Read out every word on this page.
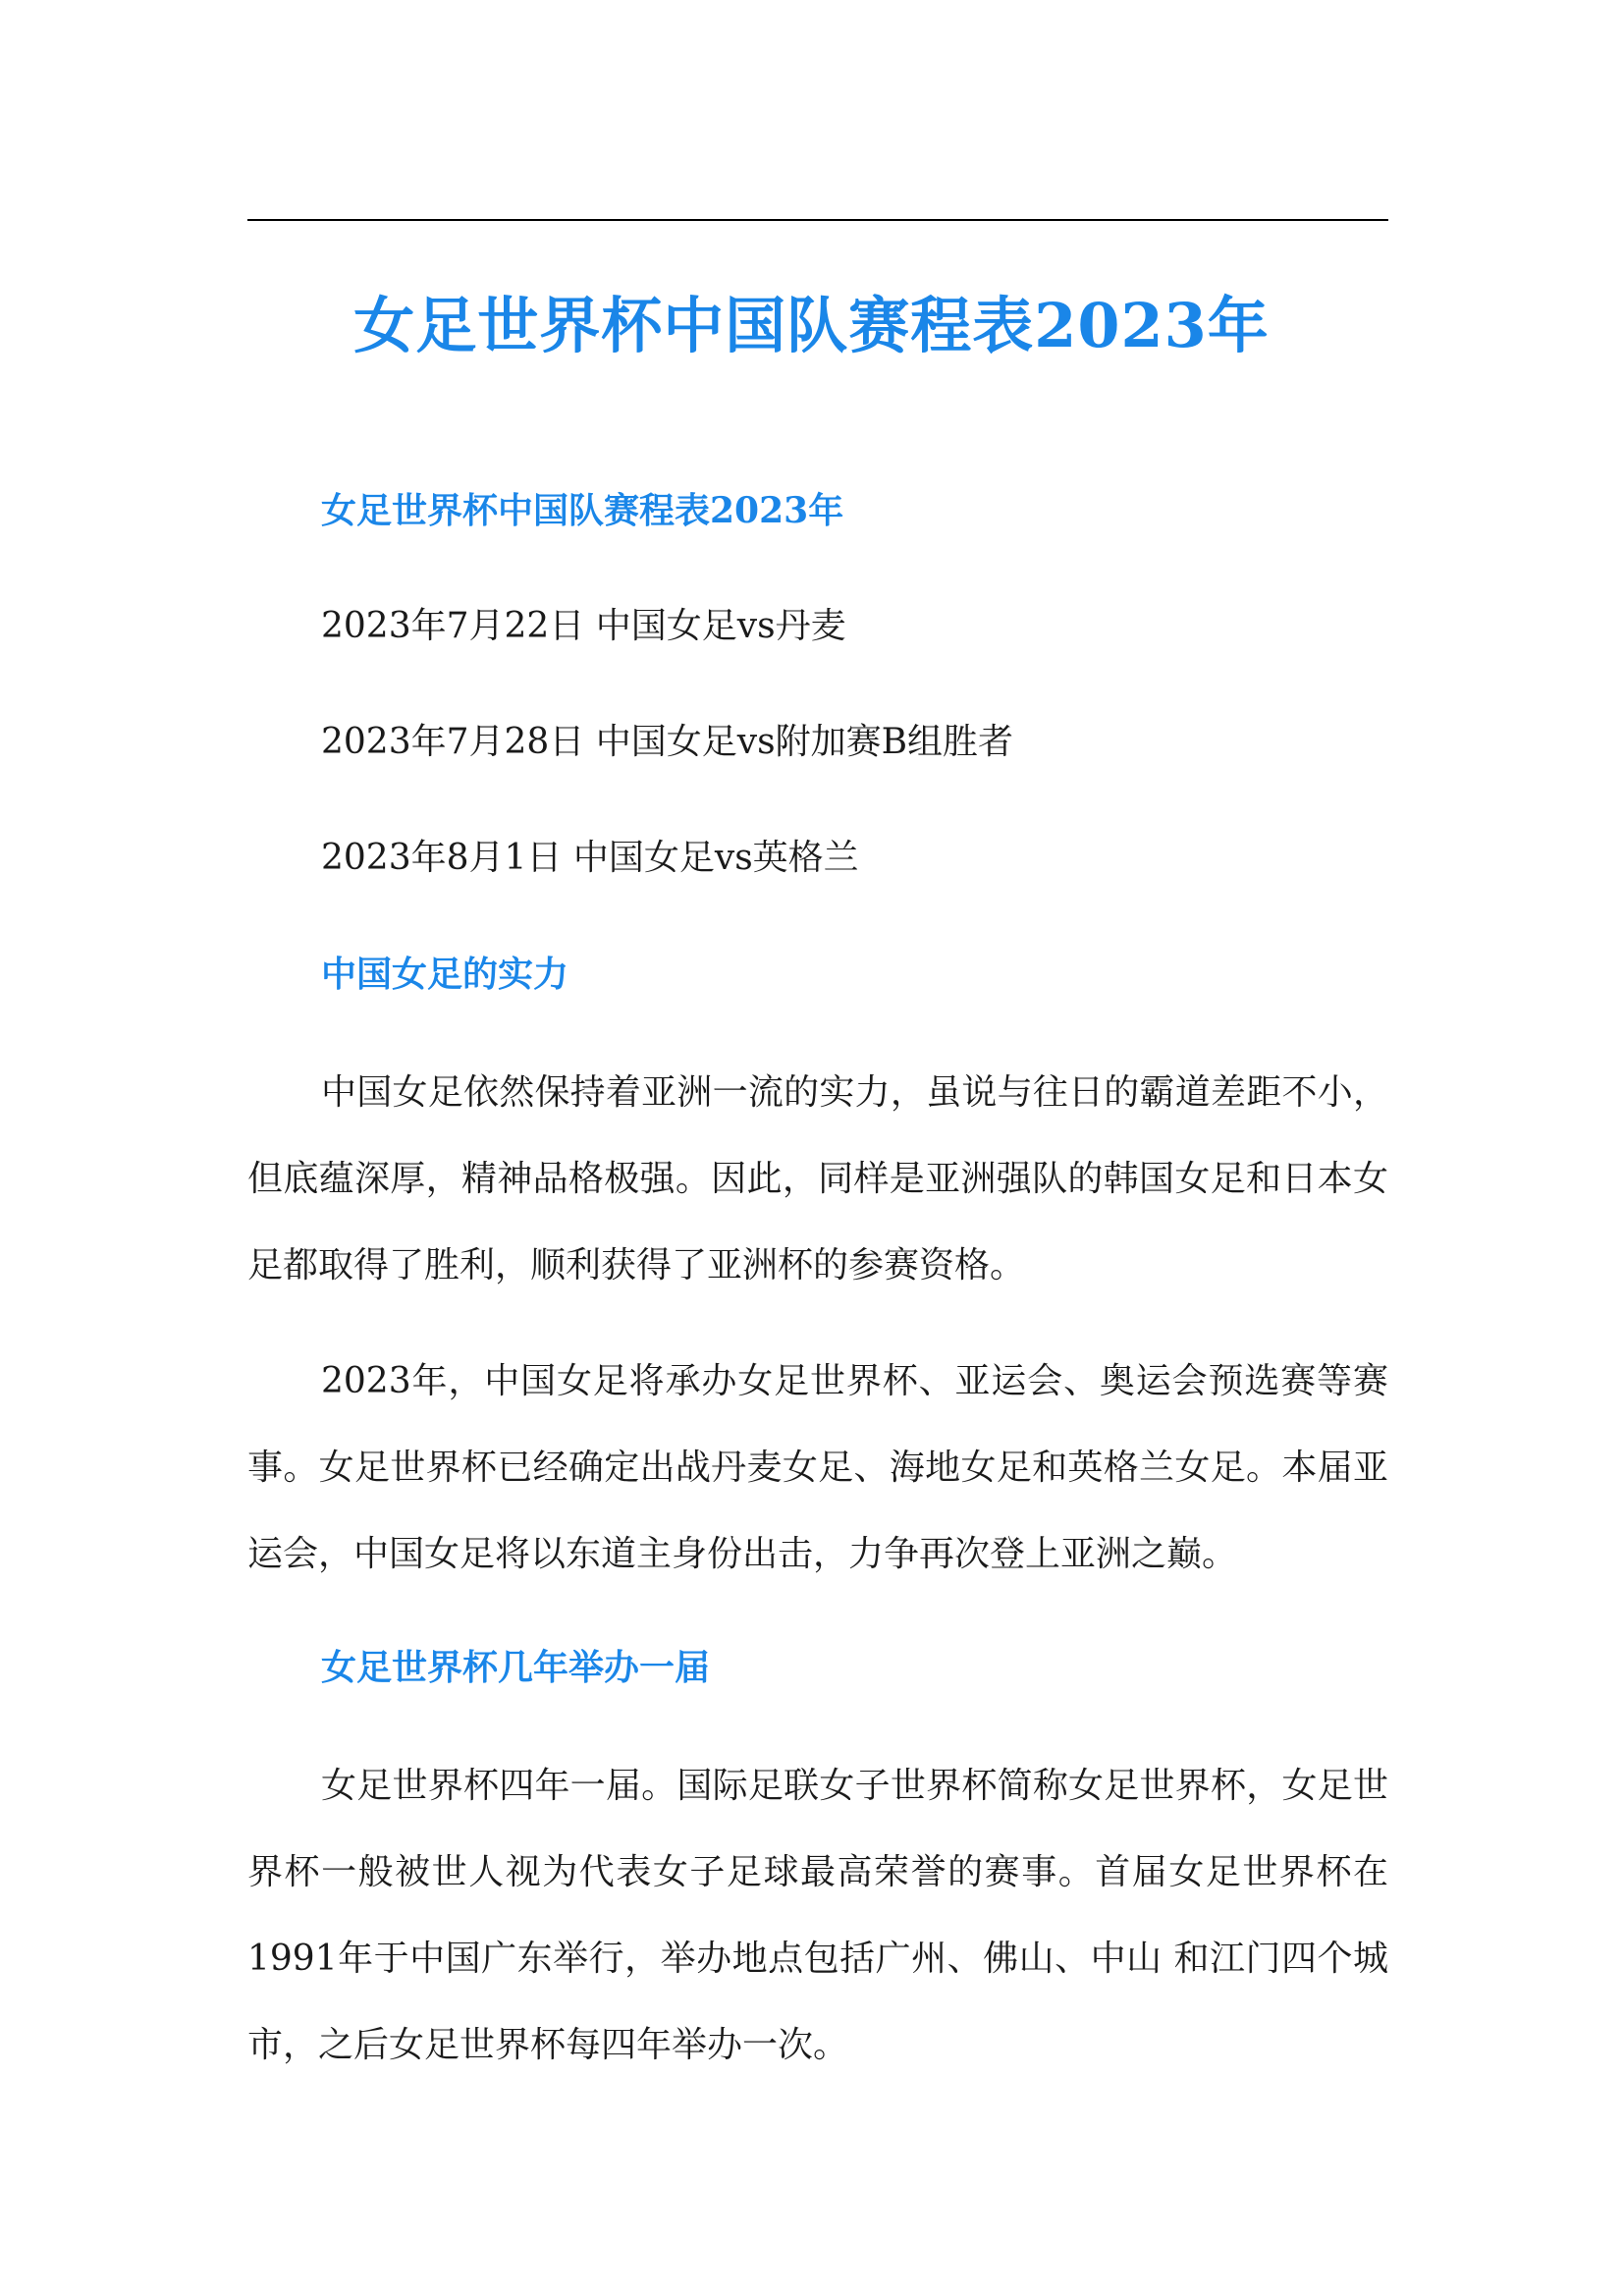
女足世界杯中国队赛程表2023年
女足世界杯中国队赛程表2023年
2023年7月22日 中国女足vs丹麦
2023年7月28日 中国女足vs附加赛B组胜者
2023年8月1日 中国女足vs英格兰
中国女足的实力
中国女足依然保持着亚洲一流的实力，虽说与往日的霸道差距不小，但底蕴深厚，精神品格极强。因此，同样是亚洲强队的韩国女足和日本女足都取得了胜利，顺利获得了亚洲杯的参赛资格。
2023年，中国女足将承办女足世界杯、亚运会、奥运会预选赛等赛事。女足世界杯已经确定出战丹麦女足、海地女足和英格兰女足。本届亚运会，中国女足将以东道主身份出击，力争再次登上亚洲之巅。
女足世界杯几年举办一届
女足世界杯四年一届。国际足联女子世界杯简称女足世界杯，女足世界杯一般被世人视为代表女子足球最高荣誉的赛事。首届女足世界杯在1991年于中国广东举行，举办地点包括广州、佛山、中山 和江门四个城市，之后女足世界杯每四年举办一次。
